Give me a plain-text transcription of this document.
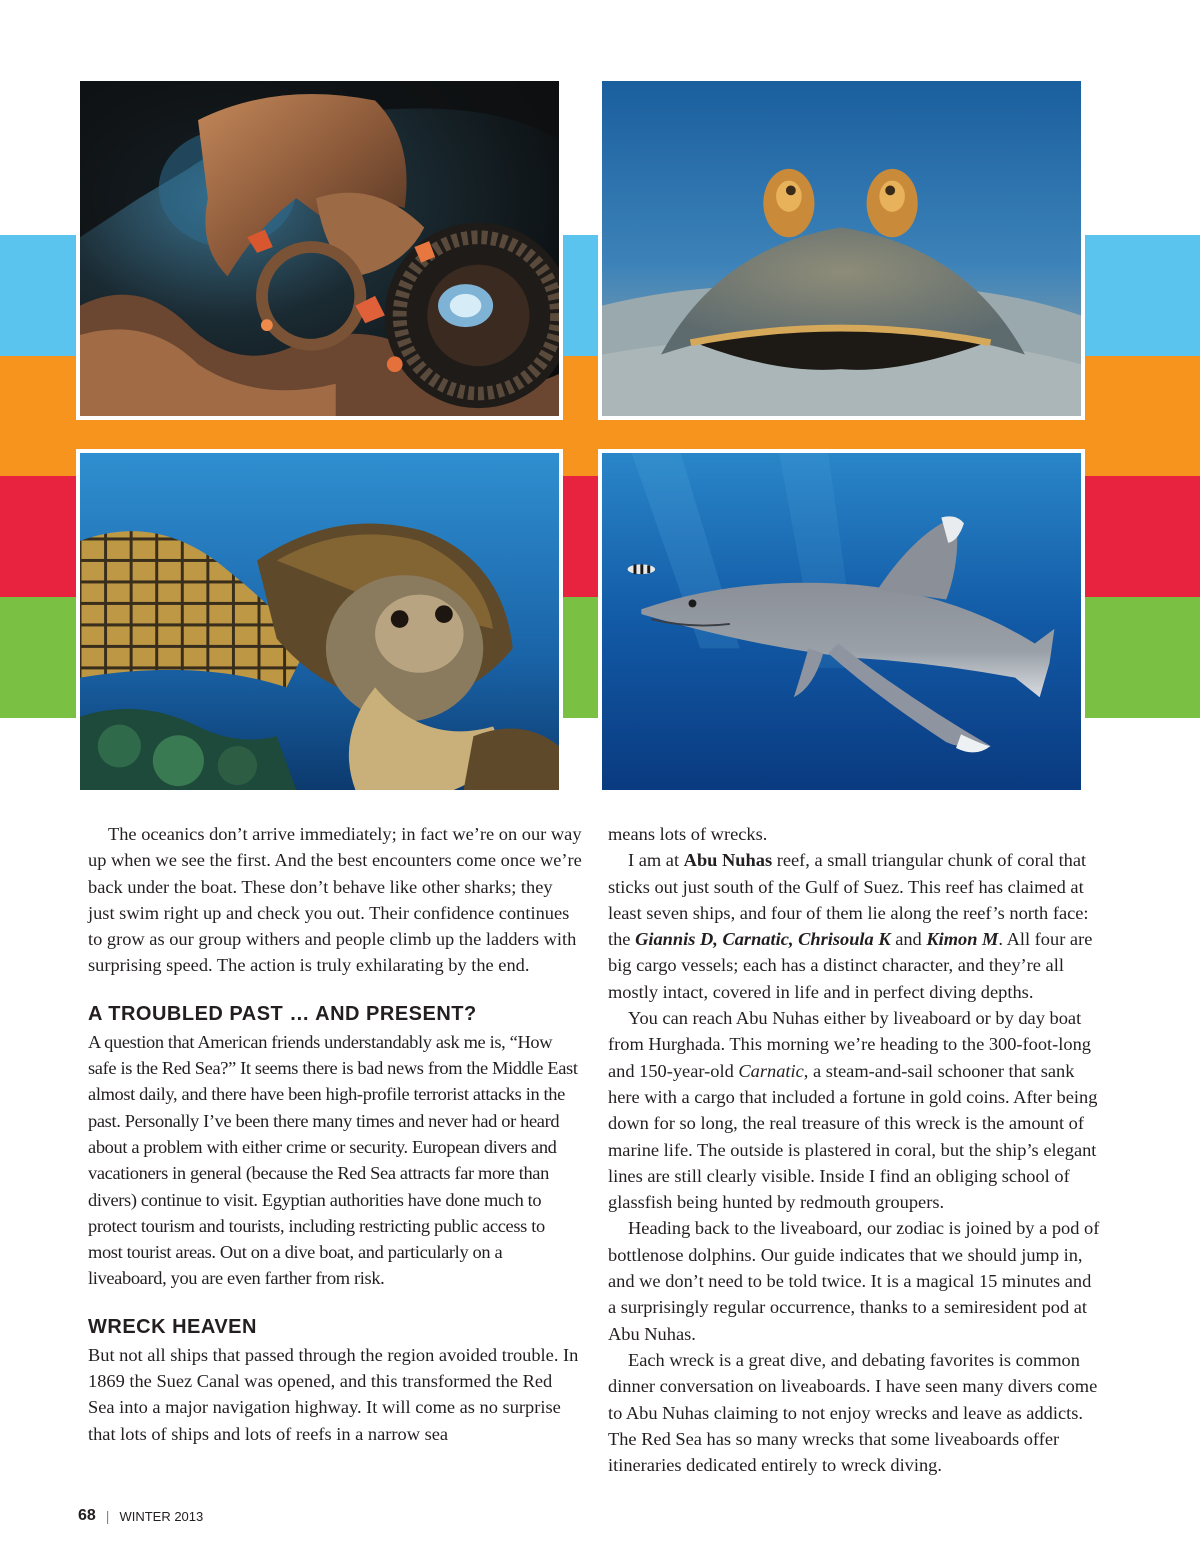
The oceanics don’t arrive immediately; in fact we’re on our way up when we see the first. And the best encounters come once we’re back under the boat. These don’t behave like other sharks; they just swim right up and check you out. Their confidence continues to grow as our group withers and people climb up the ladders with surprising speed. The action is truly exhilarating by the end.

A TROUBLED PAST … AND PRESENT?

A question that American friends understandably ask me is, “How safe is the Red Sea?” It seems there is bad news from the Middle East almost daily, and there have been high-profile terrorist attacks in the past. Personally I’ve been there many times and never had or heard about a problem with either crime or security. European divers and vacationers in general (because the Red Sea attracts far more than divers) continue to visit. Egyptian authorities have done much to protect tourism and tourists, including restricting public access to most tourist areas. Out on a dive boat, and particularly on a liveaboard, you are even farther from risk.

WRECK HEAVEN

But not all ships that passed through the region avoided trouble. In 1869 the Suez Canal was opened, and this transformed the Red Sea into a major navigation highway. It will come as no surprise that lots of ships and lots of reefs in a narrow sea

means lots of wrecks.

I am at Abu Nuhas reef, a small triangular chunk of coral that sticks out just south of the Gulf of Suez. This reef has claimed at least seven ships, and four of them lie along the reef’s north face: the Giannis D, Carnatic, Chrisoula K and Kimon M. All four are big cargo vessels; each has a distinct character, and they’re all mostly intact, covered in life and in perfect diving depths.

You can reach Abu Nuhas either by liveaboard or by day boat from Hurghada. This morning we’re heading to the 300-foot-long and 150-year-old Carnatic, a steam-and-sail schooner that sank here with a cargo that included a fortune in gold coins. After being down for so long, the real treasure of this wreck is the amount of marine life. The outside is plastered in coral, but the ship’s elegant lines are still clearly visible. Inside I find an obliging school of glassfish being hunted by redmouth groupers.

Heading back to the liveaboard, our zodiac is joined by a pod of bottlenose dolphins. Our guide indicates that we should jump in, and we don’t need to be told twice. It is a magical 15 minutes and a surprisingly regular occurrence, thanks to a semiresident pod at Abu Nuhas.

Each wreck is a great dive, and debating favorites is common dinner conversation on liveaboards. I have seen many divers come to Abu Nuhas claiming to not enjoy wrecks and leave as addicts. The Red Sea has so many wrecks that some liveaboards offer itineraries dedicated entirely to wreck diving.

68 | WINTER 2013
